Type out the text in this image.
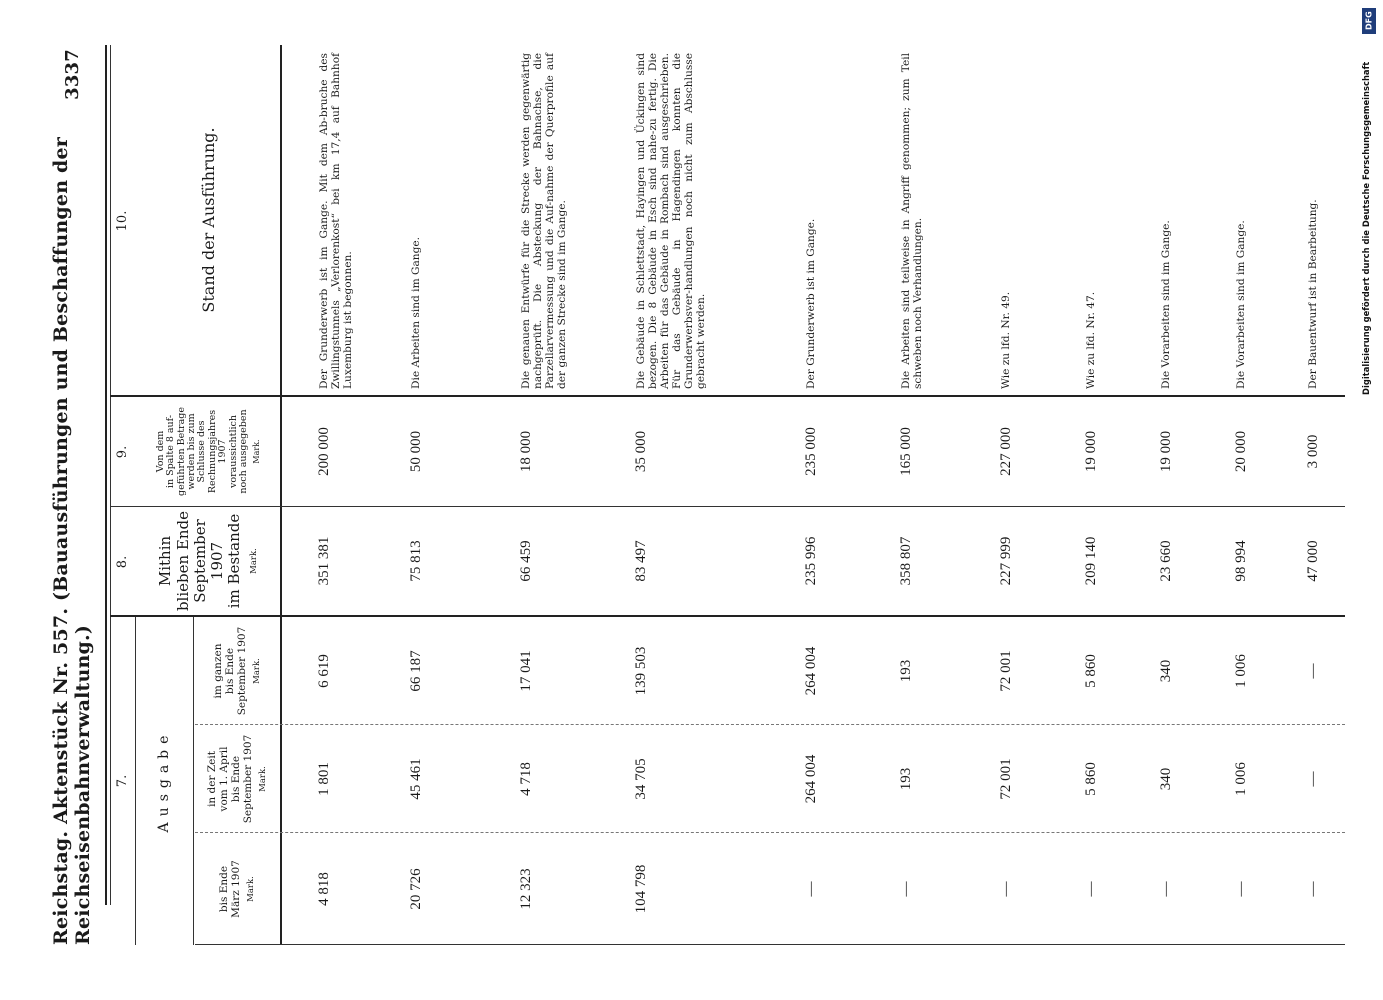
Reichstag. Aktenstück Nr. 557. (Bauausführungen und Beschaffungen der Reichseisenbahnverwaltung.)
3337
7.
8.
9.
10.
Ausgabe
bis Ende März 1907 Mark.
in der Zeit vom 1. April bis Ende September 1907 Mark.
im ganzen bis Ende September 1907 Mark.
Mithin blieben Ende September 1907 im Bestande Mark.
Von dem in Spalte 8 auf- geführten Betrage werden bis zum Schlusse des Rechnungsjahres 1907 voraussichtlich noch ausgegeben Mark.
Stand der Ausführung.
4 818
1 801
6 619
351 381
200 000
Der Grunderwerb ist im Gange. Mit dem Ab-bruche des Zwillingstunnels „Verlorenkost“ bei km 17,4 auf Bahnhof Luxemburg ist begonnen.
20 726
45 461
66 187
75 813
50 000
Die Arbeiten sind im Gange.
12 323
4 718
17 041
66 459
18 000
Die genauen Entwürfe für die Strecke werden gegenwärtig nachgeprüft. Die Absteckung der Bahnachse, die Parzellarvermessung und die Auf-nahme der Querprofile auf der ganzen Strecke sind im Gange.
104 798
34 705
139 503
83 497
35 000
Die Gebäude in Schlettstadt, Hayingen und Ückingen sind bezogen. Die 8 Gebäude in Esch sind nahe-zu fertig. Die Arbeiten für das Gebäude in Rombach sind ausgeschrieben. Für das Gebäude in Hagendingen konnten die Grunderwerbsver-handlungen noch nicht zum Abschlusse gebracht werden.
—
264 004
264 004
235 996
235 000
Der Grunderwerb ist im Gange.
—
193
193
358 807
165 000
Die Arbeiten sind teilweise in Angriff genommen; zum Teil schweben noch Verhandlungen.
—
72 001
72 001
227 999
227 000
Wie zu lfd. Nr. 49.
—
5 860
5 860
209 140
19 000
Wie zu lfd. Nr. 47.
—
340
340
23 660
19 000
Die Vorarbeiten sind im Gange.
—
1 006
1 006
98 994
20 000
Die Vorarbeiten sind im Gange.
—
—
—
47 000
3 000
Der Bauentwurf ist in Bearbeitung.
DFG
Digitalisierung gefördert durch die Deutsche Forschungsgemeinschaft
